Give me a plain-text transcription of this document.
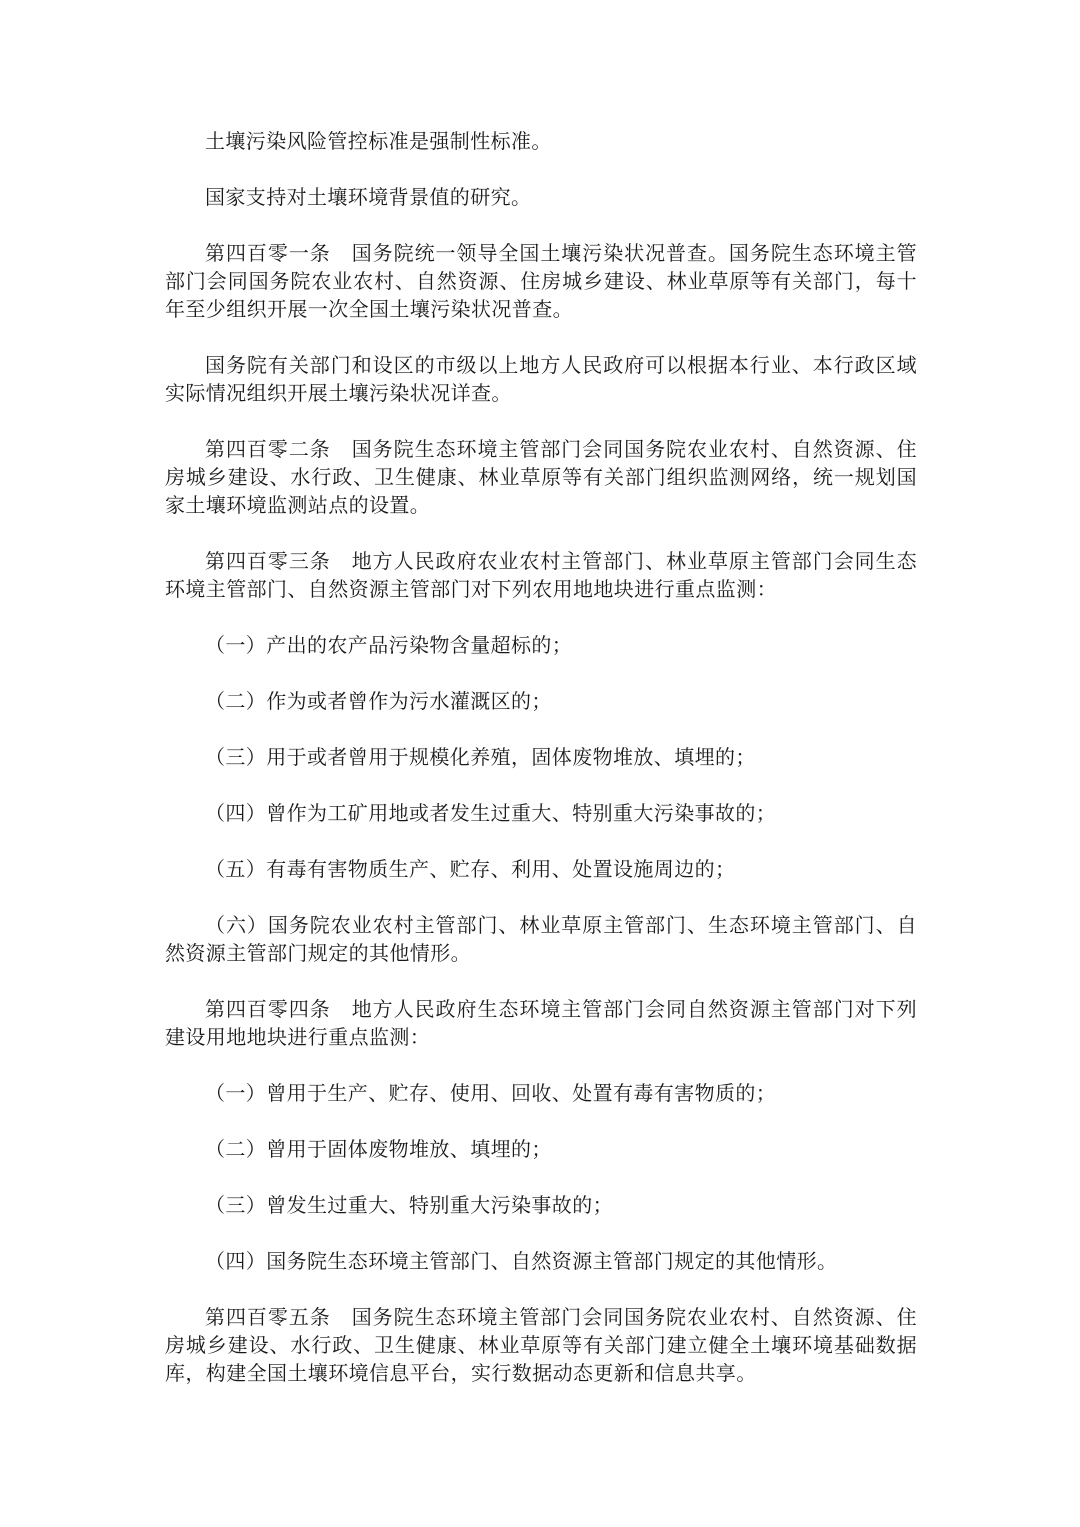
土壤污染风险管控标准是强制性标准。

国家支持对土壤环境背景值的研究。

第四百零一条　国务院统一领导全国土壤污染状况普查。国务院生态环境主管部门会同国务院农业农村、自然资源、住房城乡建设、林业草原等有关部门，每十年至少组织开展一次全国土壤污染状况普查。

国务院有关部门和设区的市级以上地方人民政府可以根据本行业、本行政区域实际情况组织开展土壤污染状况详查。

第四百零二条　国务院生态环境主管部门会同国务院农业农村、自然资源、住房城乡建设、水行政、卫生健康、林业草原等有关部门组织监测网络，统一规划国家土壤环境监测站点的设置。

第四百零三条　地方人民政府农业农村主管部门、林业草原主管部门会同生态环境主管部门、自然资源主管部门对下列农用地地块进行重点监测：

（一）产出的农产品污染物含量超标的；

（二）作为或者曾作为污水灌溉区的；

（三）用于或者曾用于规模化养殖，固体废物堆放、填埋的；

（四）曾作为工矿用地或者发生过重大、特别重大污染事故的；

（五）有毒有害物质生产、贮存、利用、处置设施周边的；

（六）国务院农业农村主管部门、林业草原主管部门、生态环境主管部门、自然资源主管部门规定的其他情形。

第四百零四条　地方人民政府生态环境主管部门会同自然资源主管部门对下列建设用地地块进行重点监测：

（一）曾用于生产、贮存、使用、回收、处置有毒有害物质的；

（二）曾用于固体废物堆放、填埋的；

（三）曾发生过重大、特别重大污染事故的；

（四）国务院生态环境主管部门、自然资源主管部门规定的其他情形。

第四百零五条　国务院生态环境主管部门会同国务院农业农村、自然资源、住房城乡建设、水行政、卫生健康、林业草原等有关部门建立健全土壤环境基础数据库，构建全国土壤环境信息平台，实行数据动态更新和信息共享。
